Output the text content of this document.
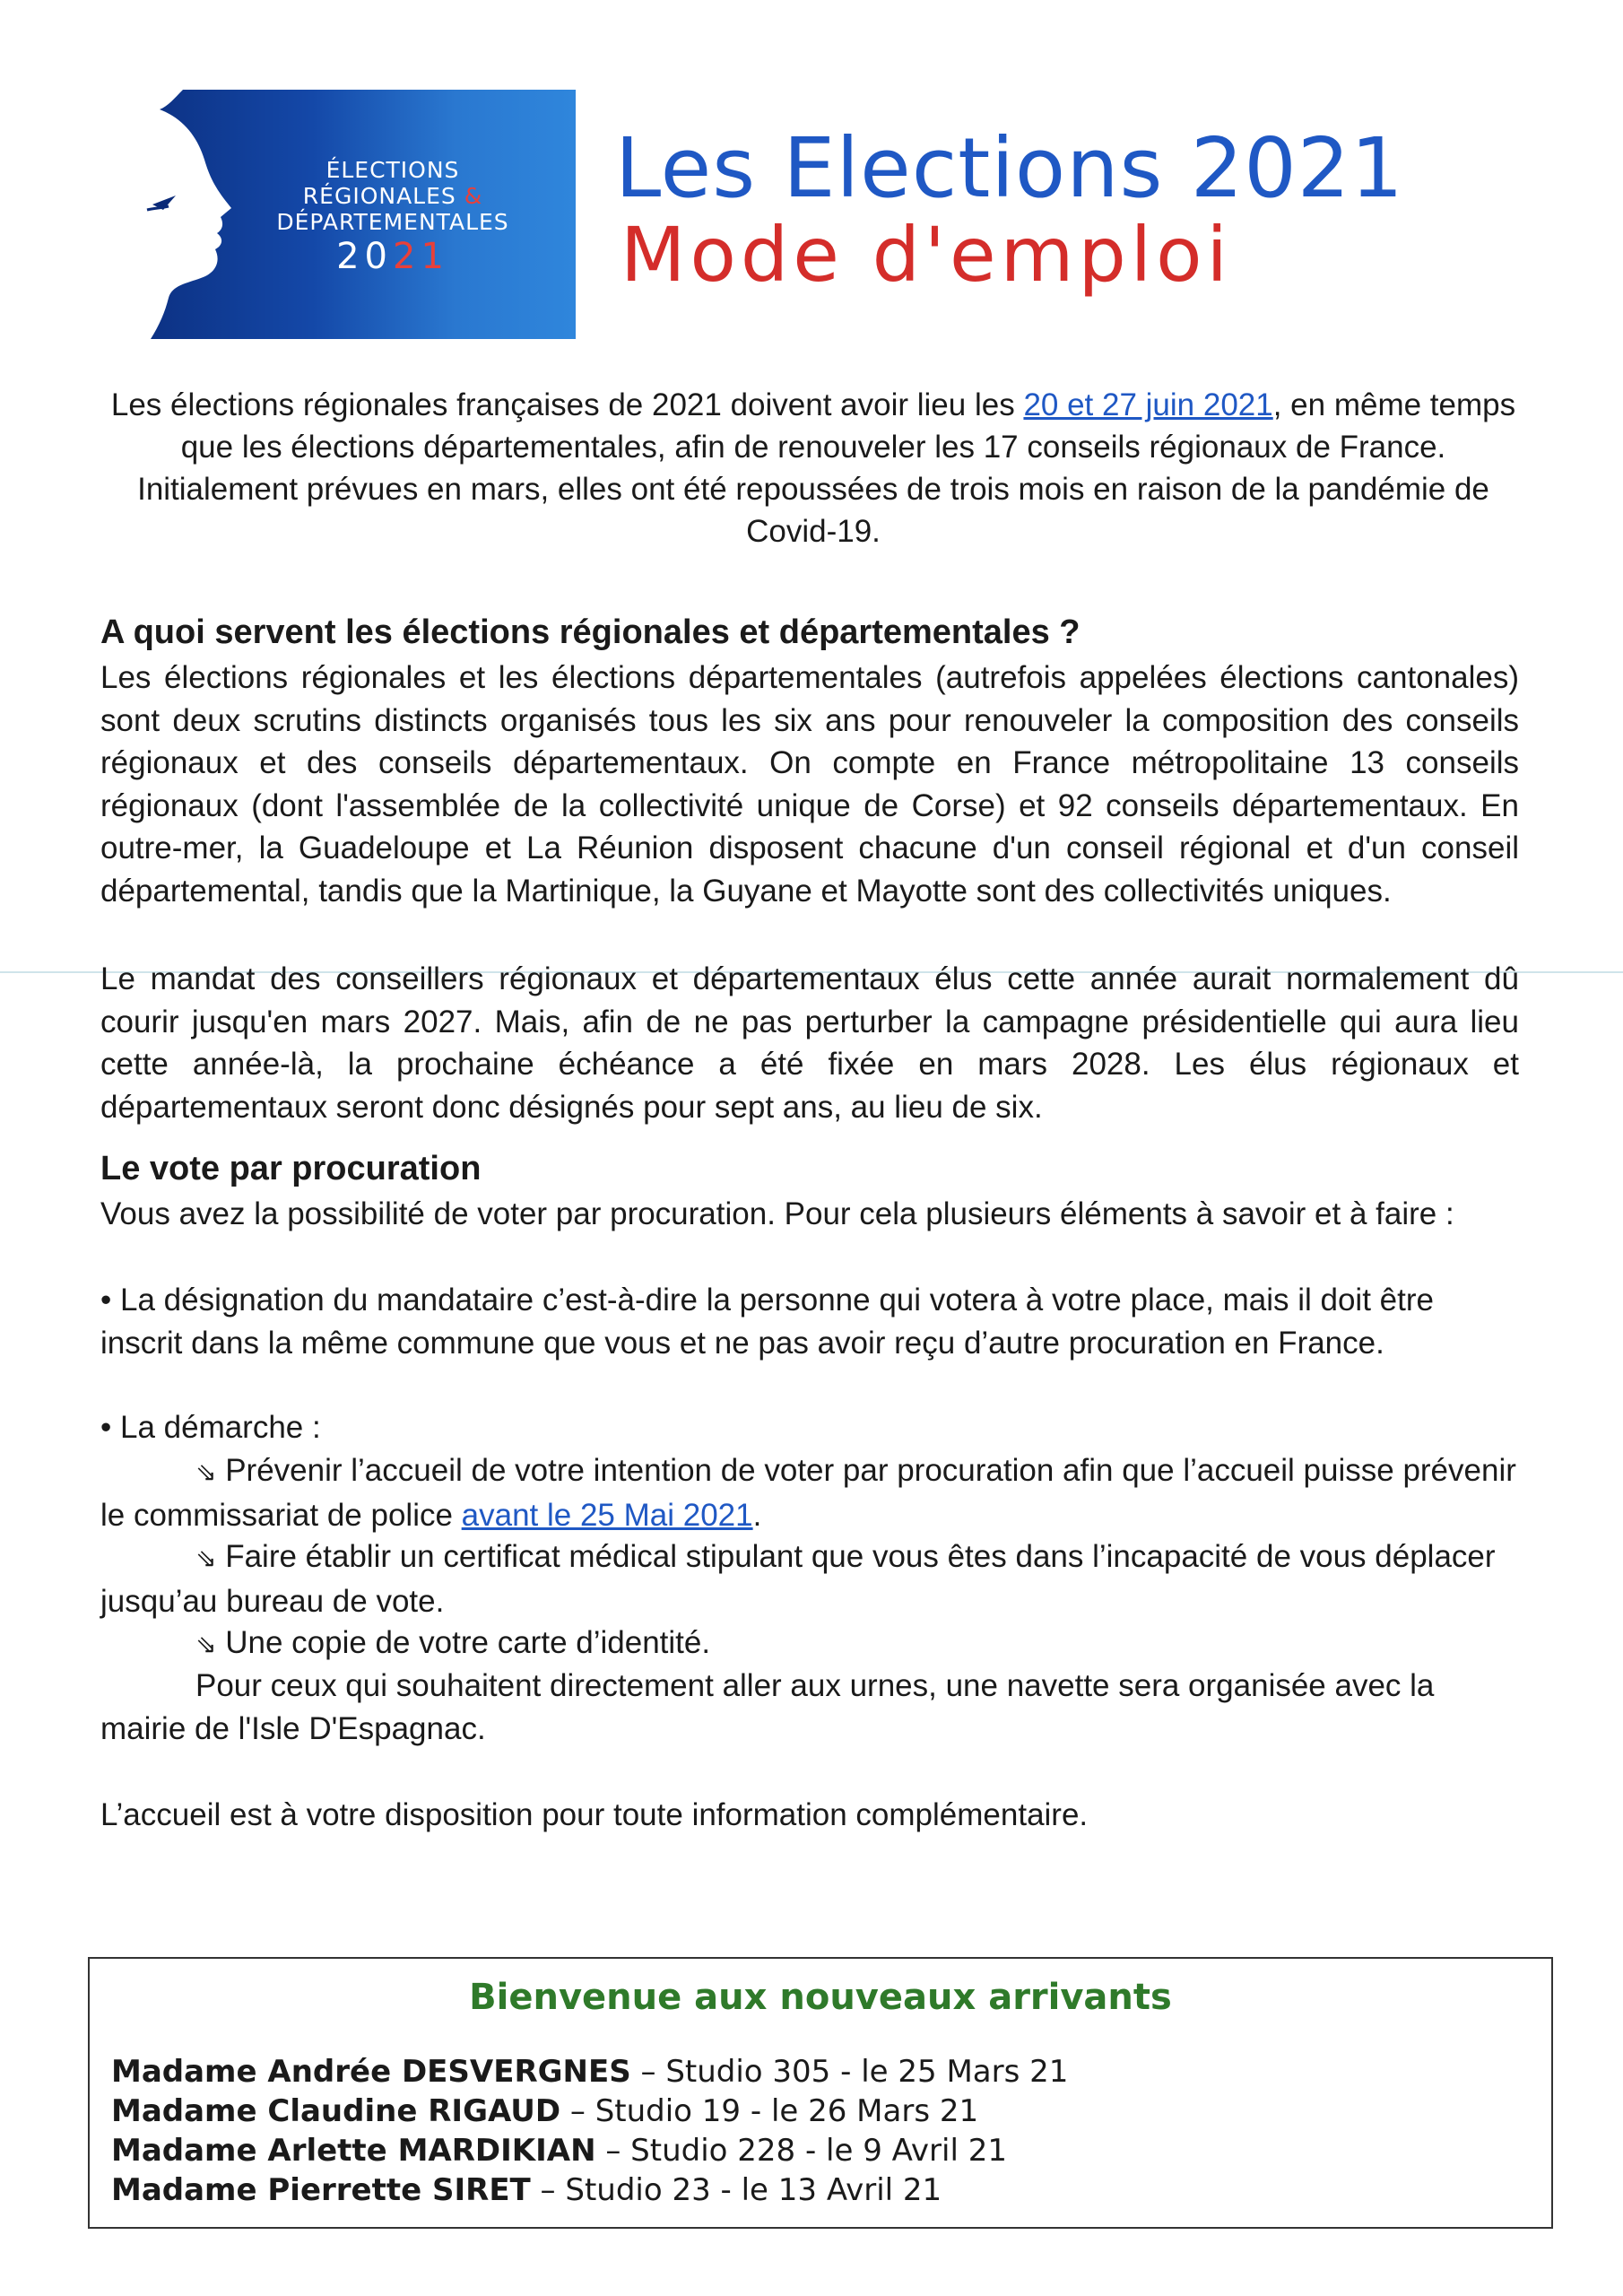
ÉLECTIONS
RÉGIONALES &
DÉPARTEMENTALES
2021
Les Elections 2021
Mode d'emploi
Les élections régionales françaises de 2021 doivent avoir lieu les 20 et 27 juin 2021, en même temps que les élections départementales, afin de renouveler les 17 conseils régionaux de France. Initialement prévues en mars, elles ont été repoussées de trois mois en raison de la pandémie de Covid-19.
A quoi servent les élections régionales et départementales ?
Les élections régionales et les élections départementales (autrefois appelées élections cantonales) sont deux scrutins distincts organisés tous les six ans pour renouveler la composition des conseils régionaux et des conseils départementaux. On compte en France métropolitaine 13 conseils régionaux (dont l'assemblée de la collectivité unique de Corse) et 92 conseils départementaux. En outre-mer, la Guadeloupe et La Réunion disposent chacune d'un conseil régional et d'un conseil départemental, tandis que la Martinique, la Guyane et Mayotte sont des collectivités uniques.
Le mandat des conseillers régionaux et départementaux élus cette année aurait normalement dû courir jusqu'en mars 2027. Mais, afin de ne pas perturber la campagne présidentielle qui aura lieu cette année-là, la prochaine échéance a été fixée en mars 2028. Les élus régionaux et départementaux seront donc désignés pour sept ans, au lieu de six.
Le vote par procuration
Vous avez la possibilité de voter par procuration. Pour cela plusieurs éléments à savoir et à faire :
• La désignation du mandataire c’est-à-dire la personne qui votera à votre place, mais il doit être inscrit dans la même commune que vous et ne pas avoir reçu d’autre procuration en France.
• La démarche :
⇘ Prévenir l’accueil de votre intention de voter par procuration afin que l’accueil puisse prévenir le commissariat de police avant le 25 Mai 2021.
⇘ Faire établir un certificat médical stipulant que vous êtes dans l’incapacité de vous déplacer jusqu’au bureau de vote.
⇘ Une copie de votre carte d’identité.
Pour ceux qui souhaitent directement aller aux urnes, une navette sera organisée avec la mairie de l'Isle D'Espagnac.
L’accueil est à votre disposition pour toute information complémentaire.
Bienvenue aux nouveaux arrivants
Madame Andrée DESVERGNES – Studio 305 - le 25 Mars 21
Madame Claudine RIGAUD – Studio 19 - le 26 Mars 21
Madame Arlette MARDIKIAN – Studio 228 - le 9 Avril 21
Madame Pierrette SIRET – Studio 23 - le 13 Avril 21
